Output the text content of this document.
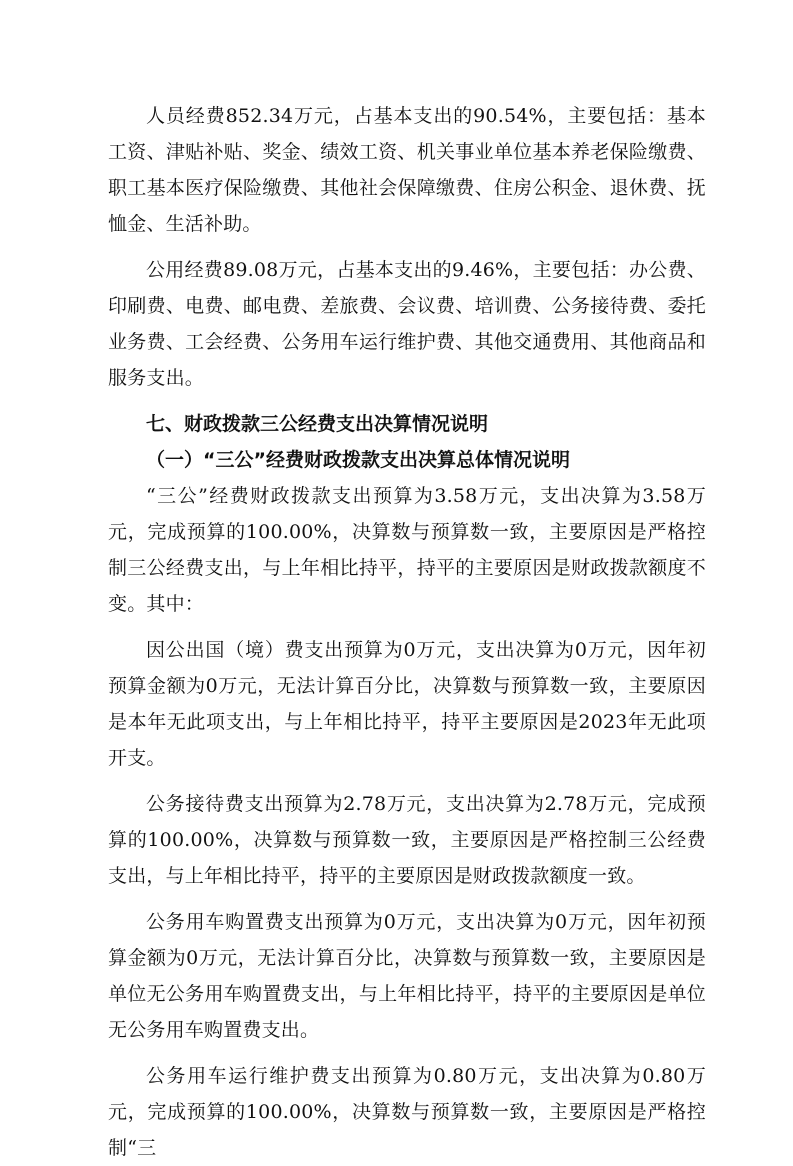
人员经费852.34万元，占基本支出的90.54%，主要包括：基本工资、津贴补贴、奖金、绩效工资、机关事业单位基本养老保险缴费、职工基本医疗保险缴费、其他社会保障缴费、住房公积金、退休费、抚恤金、生活补助。

公用经费89.08万元，占基本支出的9.46%，主要包括：办公费、印刷费、电费、邮电费、差旅费、会议费、培训费、公务接待费、委托业务费、工会经费、公务用车运行维护费、其他交通费用、其他商品和服务支出。

七、财政拨款三公经费支出决算情况说明
（一）“三公”经费财政拨款支出决算总体情况说明

“三公”经费财政拨款支出预算为3.58万元，支出决算为3.58万元，完成预算的100.00%，决算数与预算数一致，主要原因是严格控制三公经费支出，与上年相比持平，持平的主要原因是财政拨款额度不变。其中：

因公出国（境）费支出预算为0万元，支出决算为0万元，因年初预算金额为0万元，无法计算百分比，决算数与预算数一致，主要原因是本年无此项支出，与上年相比持平，持平主要原因是2023年无此项开支。

公务接待费支出预算为2.78万元，支出决算为2.78万元，完成预算的100.00%，决算数与预算数一致，主要原因是严格控制三公经费支出，与上年相比持平，持平的主要原因是财政拨款额度一致。

公务用车购置费支出预算为0万元，支出决算为0万元，因年初预算金额为0万元，无法计算百分比，决算数与预算数一致，主要原因是单位无公务用车购置费支出，与上年相比持平，持平的主要原因是单位无公务用车购置费支出。

公务用车运行维护费支出预算为0.80万元，支出决算为0.80万元，完成预算的100.00%，决算数与预算数一致，主要原因是严格控制“三
